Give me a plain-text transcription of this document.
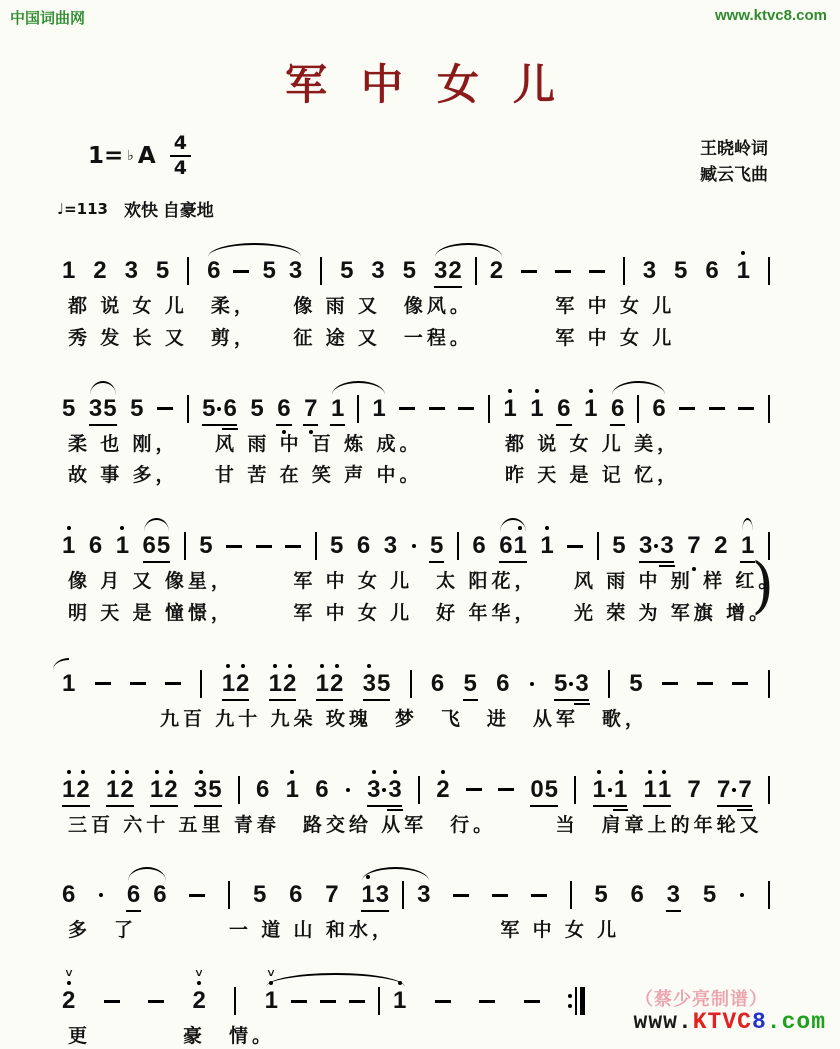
中国词曲网	www.ktvc8.com
军中女儿
1= ♭ A $\frac{4}{4}$	王晓岭词
臧云飞曲
♩=113 欢快 自豪地
1 2 3 5 6 5 3 5 3 5 3 2 2	3 5 6 1
都 说 女 儿　柔，　　像 雨 又　像风。　　　　军 中 女 儿
秀 发 长 又　剪，　　征 途 又　一程。　　　　军 中 女 儿
5 3 5 5 5 6 5 6 7 1 1	1 1 6 1 6 6
柔 也 刚，　　风 雨 中 百 炼 成。　　　　都 说 女 儿 美，
故 事 多，　　甘 苦 在 笑 声 中。　　　　昨 天 是 记 忆，
1 6 1 6 5 5	5 6 3 5 6 6 1 1 5 3 3 7 2 1
像 月 又 像星，　　　军 中 女 儿　太 阳花，　　风 雨 中 别 样 红。
明 天 是 憧憬，　　　军 中 女 儿　好 年华，　　光 荣 为 军旗 增。
)
1	1 2 1 2 1 2 3 5 6 5 6 5 3 5
　　　　九百 九十 九朵 玫瑰　梦　飞　进　从军　歌，
1 2 1 2 1 2 3 5 6 1 6 3 3 2	0 5 1 1 1 1 7 7 7
三百 六十 五里 青春　路交给 从军　行。　　　当　肩章上的年轮又
6 6 6	5 6 7 1 3 3	5 6 3 5
多　了　　　　一 道 山 和水，　　　　　军 中 女 儿
>
2
>
2
>
1	1
更　　　　豪　情。
（蔡少亮制谱）
www.KTVC8.com
